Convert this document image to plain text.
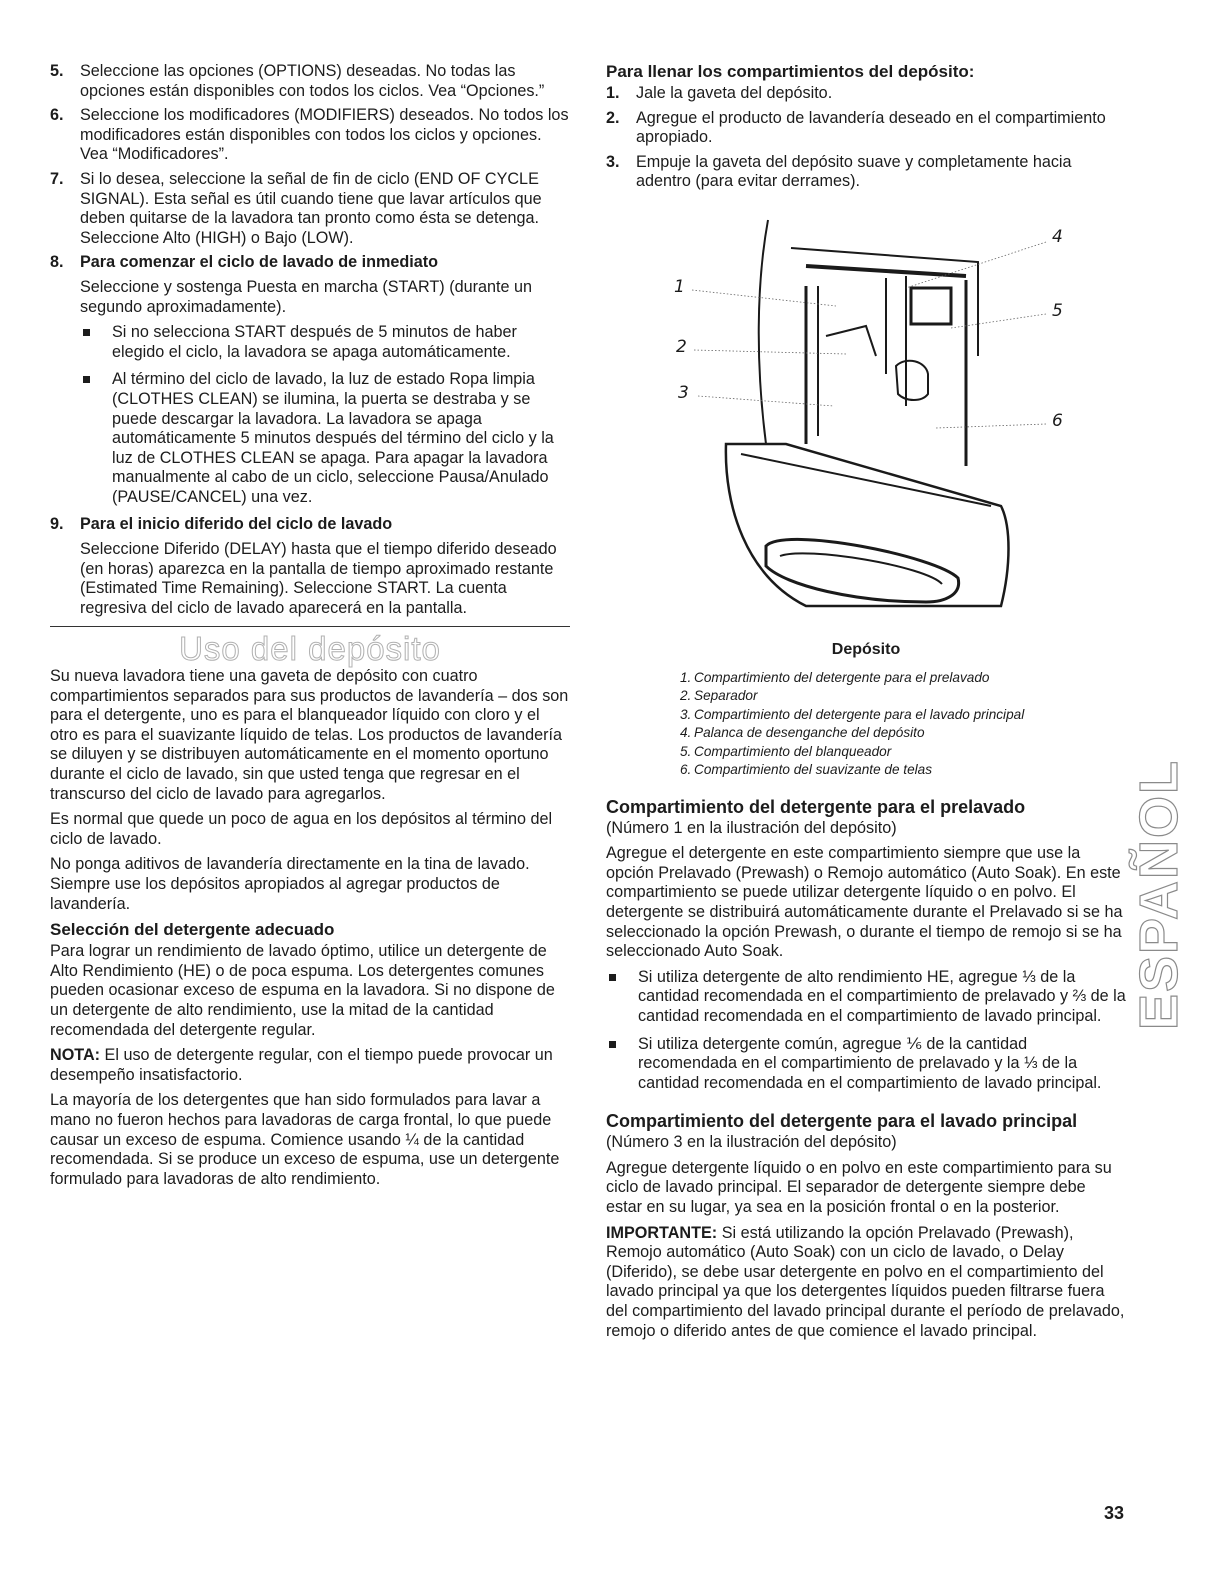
5. Seleccione las opciones (OPTIONS) deseadas. No todas las opciones están disponibles con todos los ciclos. Vea “Opciones.”
6. Seleccione los modificadores (MODIFIERS) deseados. No todos los modificadores están disponibles con todos los ciclos y opciones. Vea “Modificadores”.
7. Si lo desea, seleccione la señal de fin de ciclo (END OF CYCLE SIGNAL). Esta señal es útil cuando tiene que lavar artículos que deben quitarse de la lavadora tan pronto como ésta se detenga. Seleccione Alto (HIGH) o Bajo (LOW).
8. Para comenzar el ciclo de lavado de inmediato

Seleccione y sostenga Puesta en marcha (START) (durante un segundo aproximadamente).

Si no selecciona START después de 5 minutos de haber elegido el ciclo, la lavadora se apaga automáticamente.
Al término del ciclo de lavado, la luz de estado Ropa limpia (CLOTHES CLEAN) se ilumina, la puerta se destraba y se puede descargar la lavadora. La lavadora se apaga automáticamente 5 minutos después del término del ciclo y la luz de CLOTHES CLEAN se apaga. Para apagar la lavadora manualmente al cabo de un ciclo, seleccione Pausa/Anulado (PAUSE/CANCEL) una vez.
9. Para el inicio diferido del ciclo de lavado

Seleccione Diferido (DELAY) hasta que el tiempo diferido deseado (en horas) aparezca en la pantalla de tiempo aproximado restante (Estimated Time Remaining). Seleccione START. La cuenta regresiva del ciclo de lavado aparecerá en la pantalla.

Uso del depósito

Su nueva lavadora tiene una gaveta de depósito con cuatro compartimientos separados para sus productos de lavandería – dos son para el detergente, uno es para el blanqueador líquido con cloro y el otro es para el suavizante líquido de telas. Los productos de lavandería se diluyen y se distribuyen automáticamente en el momento oportuno durante el ciclo de lavado, sin que usted tenga que regresar en el transcurso del ciclo de lavado para agregarlos.

Es normal que quede un poco de agua en los depósitos al término del ciclo de lavado.

No ponga aditivos de lavandería directamente en la tina de lavado. Siempre use los depósitos apropiados al agregar productos de lavandería.

Selección del detergente adecuado

Para lograr un rendimiento de lavado óptimo, utilice un detergente de Alto Rendimiento (HE) o de poca espuma. Los detergentes comunes pueden ocasionar exceso de espuma en la lavadora. Si no dispone de un detergente de alto rendimiento, use la mitad de la cantidad recomendada del detergente regular.

NOTA: El uso de detergente regular, con el tiempo puede provocar un desempeño insatisfactorio.

La mayoría de los detergentes que han sido formulados para lavar a mano no fueron hechos para lavadoras de carga frontal, lo que puede causar un exceso de espuma. Comience usando ¼ de la cantidad recomendada. Si se produce un exceso de espuma, use un detergente formulado para lavadoras de alto rendimiento.

Para llenar los compartimientos del depósito:
1. Jale la gaveta del depósito.
2. Agregue el producto de lavandería deseado en el compartimiento apropiado.
3. Empuje la gaveta del depósito suave y completamente hacia adentro (para evitar derrames).
1
2
3
4
5
6
Depósito
1. Compartimiento del detergente para el prelavado
2. Separador
3. Compartimiento del detergente para el lavado principal
4. Palanca de desenganche del depósito
5. Compartimiento del blanqueador
6. Compartimiento del suavizante de telas
Compartimiento del detergente para el prelavado

(Número 1 en la ilustración del depósito)

Agregue el detergente en este compartimiento siempre que use la opción Prelavado (Prewash) o Remojo automático (Auto Soak). En este compartimiento se puede utilizar detergente líquido o en polvo. El detergente se distribuirá automáticamente durante el Prelavado si se ha seleccionado la opción Prewash, o durante el tiempo de remojo si se ha seleccionado Auto Soak.

Si utiliza detergente de alto rendimiento HE, agregue ⅓ de la cantidad recomendada en el compartimiento de prelavado y ⅔ de la cantidad recomendada en el compartimiento de lavado principal.
Si utiliza detergente común, agregue ⅙ de la cantidad recomendada en el compartimiento de prelavado y la ⅓ de la cantidad recomendada en el compartimiento de lavado principal.
Compartimiento del detergente para el lavado principal

(Número 3 en la ilustración del depósito)

Agregue detergente líquido o en polvo en este compartimiento para su ciclo de lavado principal. El separador de detergente siempre debe estar en su lugar, ya sea en la posición frontal o en la posterior.

IMPORTANTE: Si está utilizando la opción Prelavado (Prewash), Remojo automático (Auto Soak) con un ciclo de lavado, o Delay (Diferido), se debe usar detergente en polvo en el compartimiento del lavado principal ya que los detergentes líquidos pueden filtrarse fuera del compartimiento del lavado principal durante el período de prelavado, remojo o diferido antes de que comience el lavado principal.

ESPAÑOL
33
